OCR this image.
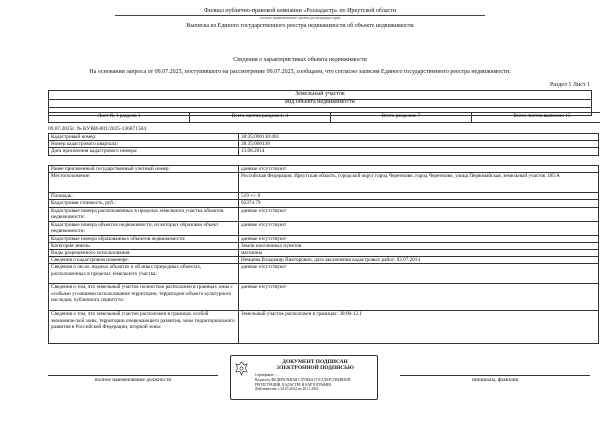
Филиал публично-правовой компании «Роскадастр» по Иркутской области
полное наименование органа регистрации прав
Выписка из Единого государственного реестра недвижимости об объекте недвижимости
Сведения о характеристиках объекта недвижимости
На основании запроса от 09.07.2025, поступившего на рассмотрение 09.07.2025, сообщаем, что согласно записям Единого государственного реестра недвижимости:
Раздел 1 Лист 1
Земельный участок
вид объекта недвижимости
Лист № 1 раздела 1	Всего листов раздела 1: 3	Всего разделов: 7	Всего листов выписки: 15
09.07.2025г. № КУВИ-001/2025-136871504
Кадастровый номер:	38:35:000138:461
Номер кадастрового квартала:	38:35:000138
Дата присвоения кадастрового номера:	13.08.2014
Ранее присвоенный государственный учетный номер:	данные отсутствуют
Местоположение:	Российская Федерация, Иркутская область, городской округ город Черемхово, город Черемхово, улица Первомайская, земельный участок 185/А
Площадь:	519 +/- 8
Кадастровая стоимость, руб.:	93374.79
Кадастровые номера расположенных в пределах земельного участка объектов недвижимости:	данные отсутствуют
Кадастровые номера объектов недвижимости, из которых образован объект недвижимости:	данные отсутствуют
Кадастровые номера образованных объектов недвижимости:	данные отсутствуют
Категория земель:	Земли населенных пунктов
Виды разрешенного использования:	магазины
Сведения о кадастровом инженере:	Немцева Владимир Викторович, дата заключения кадастровых работ: 02.07.2014
Сведения о лесах, водных объектах и об иных природных объектах, расположенных в пределах земельного участка:	данные отсутствуют
Сведения о том, что земельный участок полностью расположен в границах зоны с особыми условиями использования территории, территории объекта культурного наследия, публичного сервитута:	данные отсутствуют
Сведения о том, что земельный участок расположен в границах особой экономической зоны, территории опережающего развития, зоны территориального развития в Российской Федерации, игорной зоны:	Земельный участок расположен в границах: 38:00-12.1
ДОКУМЕНТ ПОДПИСАН
ЭЛЕКТРОННОЙ ПОДПИСЬЮ
Сертификат: ...
Владелец: ФЕДЕРАЛЬНАЯ СЛУЖБА ГОСУДАРСТВЕННОЙ
РЕГИСТРАЦИИ, КАДАСТРА И КАРТОГРАФИИ
Действителен: с 02.05.2024 по 28.11.2025
полное наименование должности	инициалы, фамилия
